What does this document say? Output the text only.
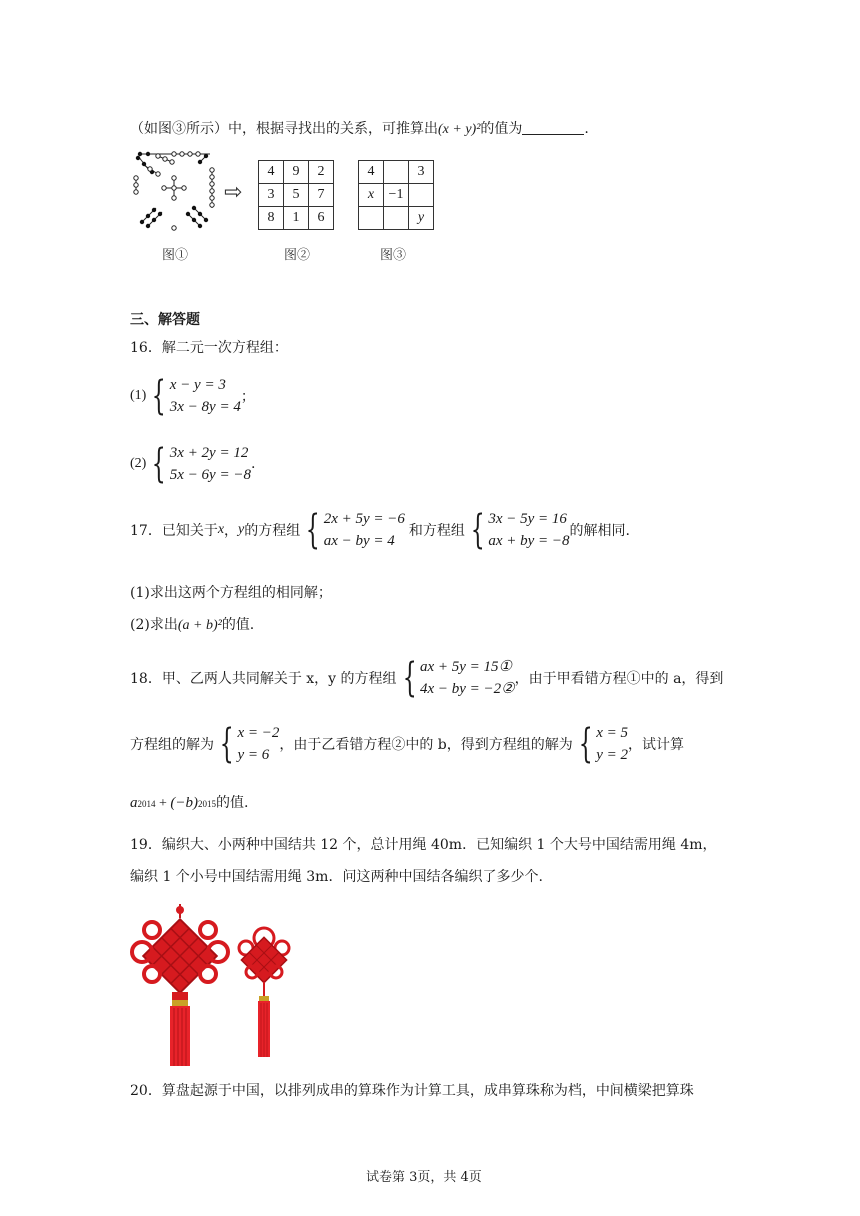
（如图③所示）中，根据寻找出的关系，可推算出(x + y)²的值为	.
⇨
4	9	2
3	5	7
8	1	6
4		3
x	−1	
		y
图①	图②	图③
三、解答题
16．解二元一次方程组：
(1) { x − y = 3
3x − 8y = 4
；
(2) { 3x + 2y = 12
5x − 6y = −8
.
17．已知关于 x ， y 的方程组 { 2x + 5y = −6
ax − by = 4
和方程组 { 3x − 5y = 16
ax + by = −8
的解相同.
(1)求出这两个方程组的相同解；
(2)求出(a + b)²的值.
18．甲、乙两人共同解关于 x，y 的方程组 { ax + 5y = 15①
4x − by = −2②
，由于甲看错方程①中的 a，得到
方程组的解为 { x = −2
y = 6
，由于乙看错方程②中的 b，得到方程组的解为 { x = 5
y = 2
，试计算
a 2014 + (−b) 2015 的值.
19．编织大、小两种中国结共 12 个，总计用绳 40m．已知编织 1 个大号中国结需用绳 4m，
编织 1 个小号中国结需用绳 3m．问这两种中国结各编织了多少个.
20．算盘起源于中国，以排列成串的算珠作为计算工具，成串算珠称为档，中间横梁把算珠
试卷第 3页，共 4页
